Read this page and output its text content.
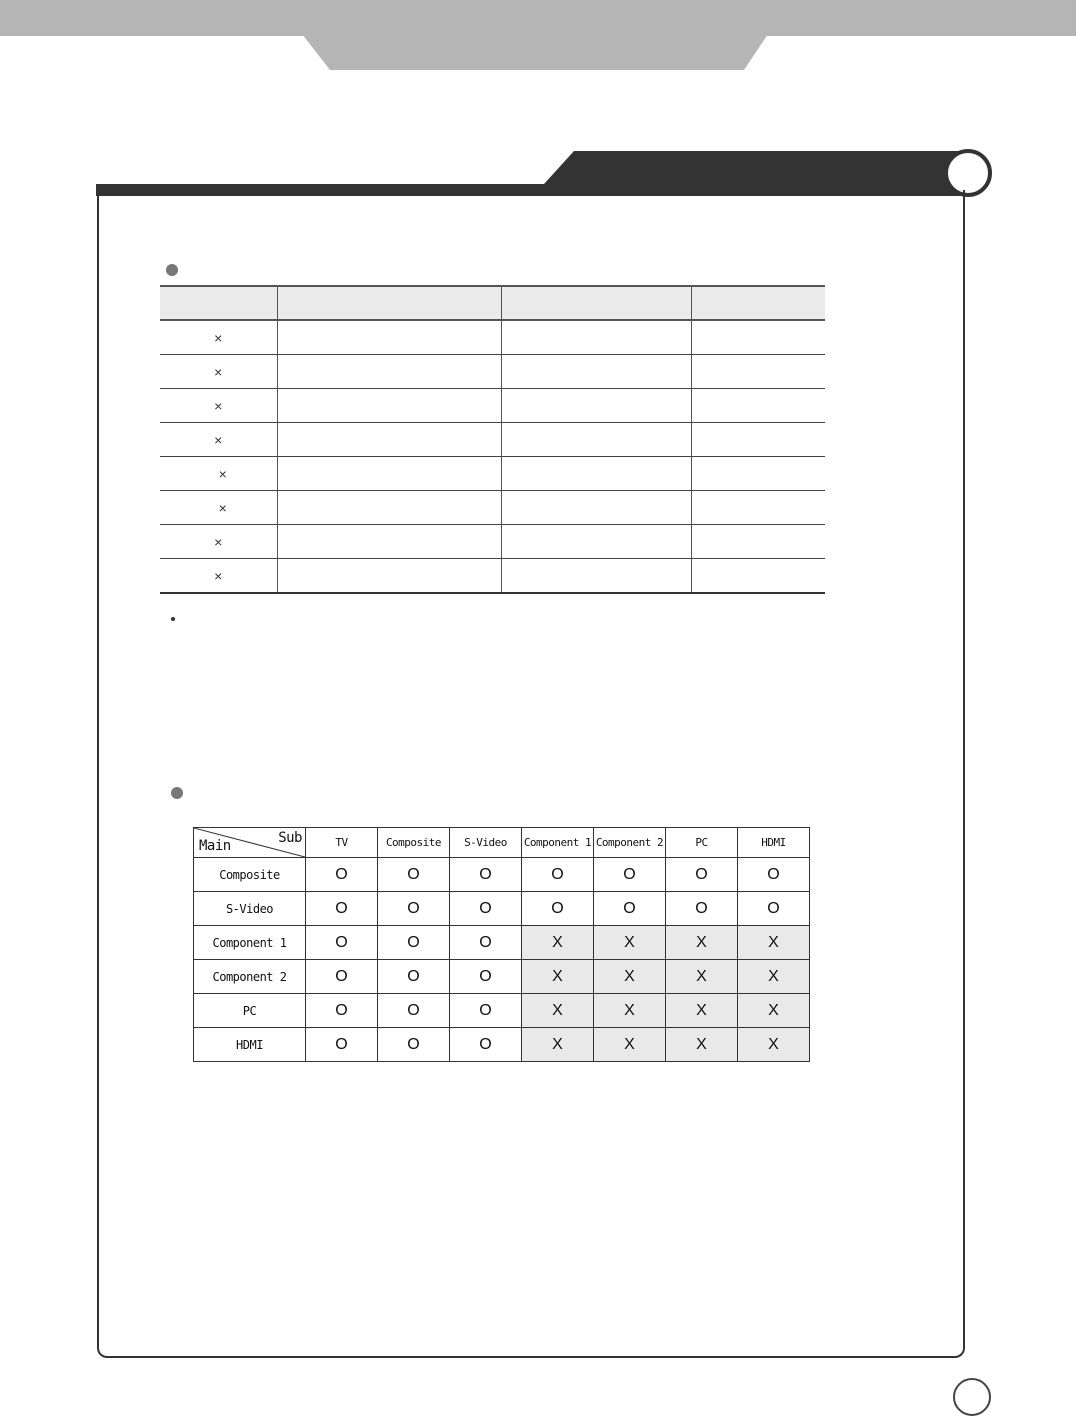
×			
×			
×			
×			
×			
×			
×			
×			
Main Sub	TV	Composite	S-Video	Component 1	Component 2	PC	HDMI
Composite	O	O	O	O	O	O	O
S-Video	O	O	O	O	O	O	O
Component 1	O	O	O	X	X	X	X
Component 2	O	O	O	X	X	X	X
PC	O	O	O	X	X	X	X
HDMI	O	O	O	X	X	X	X
